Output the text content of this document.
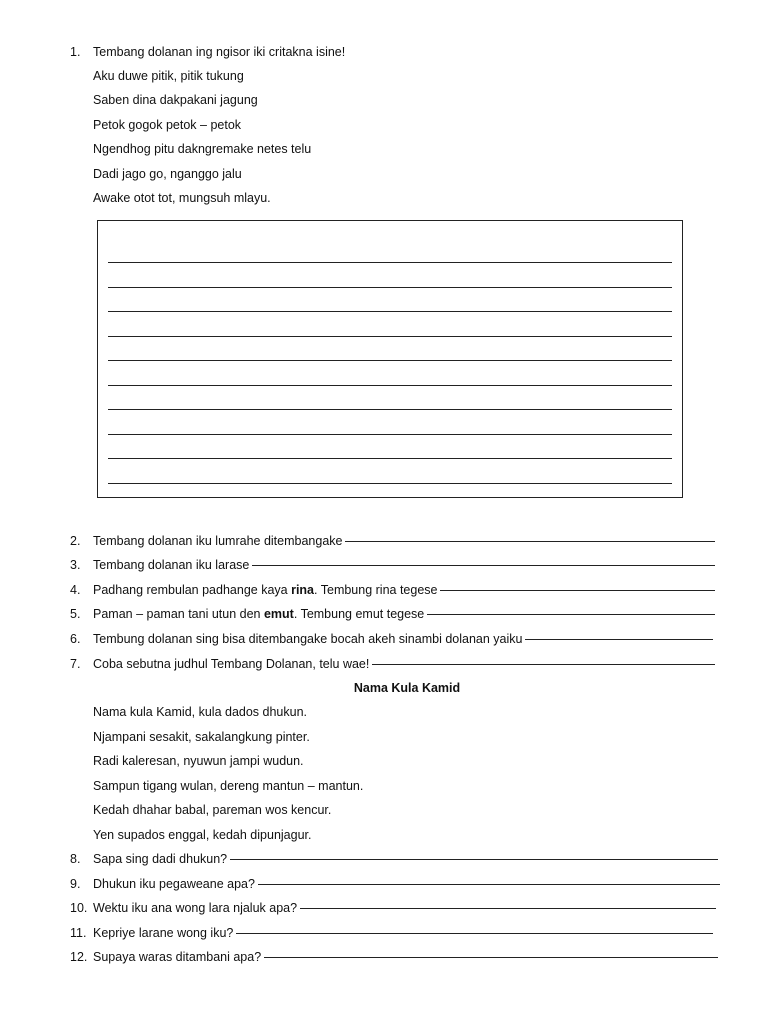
1. Tembang dolanan ing ngisor iki critakna isine!
Aku duwe pitik, pitik tukung
Saben dina dakpakani jagung
Petok gogok petok – petok
Ngendhog pitu dakngremake netes telu
Dadi jago go, nganggo jalu
Awake otot tot, mungsuh mlayu.
2. Tembang dolanan iku lumrahe ditembangake
3. Tembang dolanan iku larase
4. Padhang rembulan padhange kaya rina. Tembung rina tegese
5. Paman – paman tani utun den emut. Tembung emut tegese
6. Tembung dolanan sing bisa ditembangake bocah akeh sinambi dolanan yaiku
7. Coba sebutna judhul Tembang Dolanan, telu wae!
Nama Kula Kamid
Nama kula Kamid, kula dados dhukun.
Njampani sesakit, sakalangkung pinter.
Radi kaleresan, nyuwun jampi wudun.
Sampun tigang wulan, dereng mantun – mantun.
Kedah dhahar babal, pareman wos kencur.
Yen supados enggal, kedah dipunjagur.
8. Sapa sing dadi dhukun?
9. Dhukun iku pegaweane apa?
10. Wektu iku ana wong lara njaluk apa?
11. Kepriye larane wong iku?
12. Supaya waras ditambani apa?
